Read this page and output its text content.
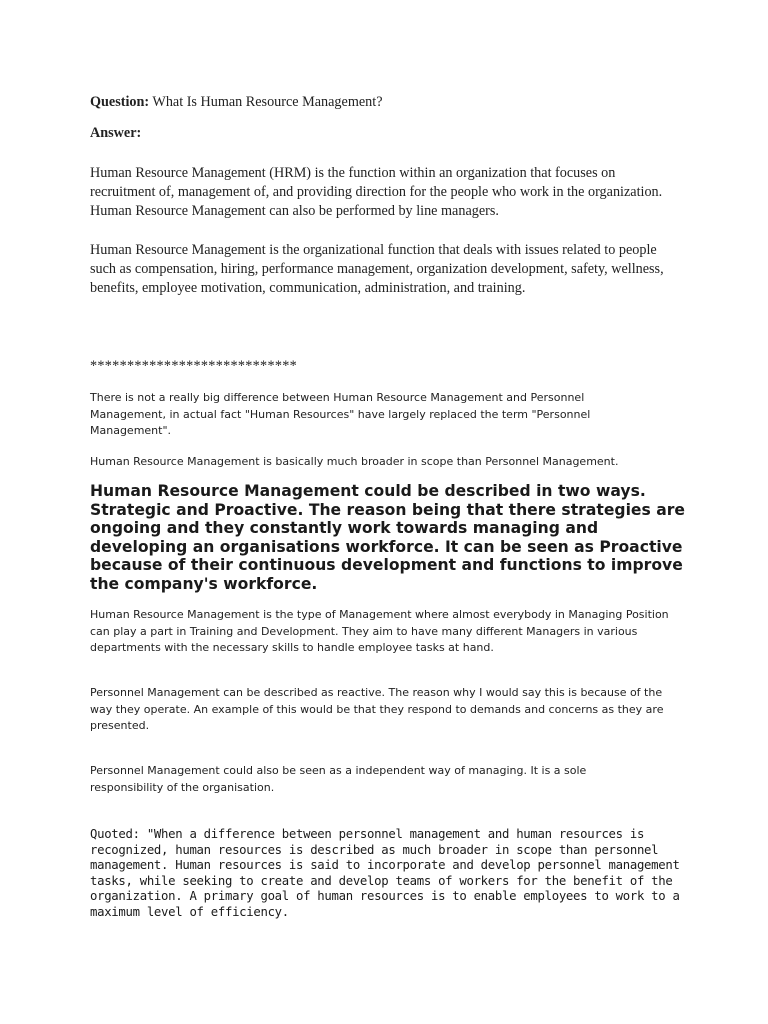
Question: What Is Human Resource Management?

Answer:

Human Resource Management (HRM) is the function within an organization that focuses on recruitment of, management of, and providing direction for the people who work in the organization. Human Resource Management can also be performed by line managers.

Human Resource Management is the organizational function that deals with issues related to people such as compensation, hiring, performance management, organization development, safety, wellness, benefits, employee motivation, communication, administration, and training.

****************************

There is not a really big difference between Human Resource Management and Personnel Management, in actual fact "Human Resources" have largely replaced the term "Personnel Management".

Human Resource Management is basically much broader in scope than Personnel Management.

Human Resource Management could be described in two ways. Strategic and Proactive. The reason being that there strategies are ongoing and they constantly work towards managing and developing an organisations workforce. It can be seen as Proactive because of their continuous development and functions to improve the company's workforce.

Human Resource Management is the type of Management where almost everybody in Managing Position can play a part in Training and Development. They aim to have many different Managers in various departments with the necessary skills to handle employee tasks at hand.

Personnel Management can be described as reactive. The reason why I would say this is because of the way they operate. An example of this would be that they respond to demands and concerns as they are presented.

Personnel Management could also be seen as a independent way of managing. It is a sole responsibility of the organisation.

Quoted: "When a difference between personnel management and human resources is recognized, human resources is described as much broader in scope than personnel management. Human resources is said to incorporate and develop personnel management tasks, while seeking to create and develop teams of workers for the benefit of the organization. A primary goal of human resources is to enable employees to work to a maximum level of efficiency.
